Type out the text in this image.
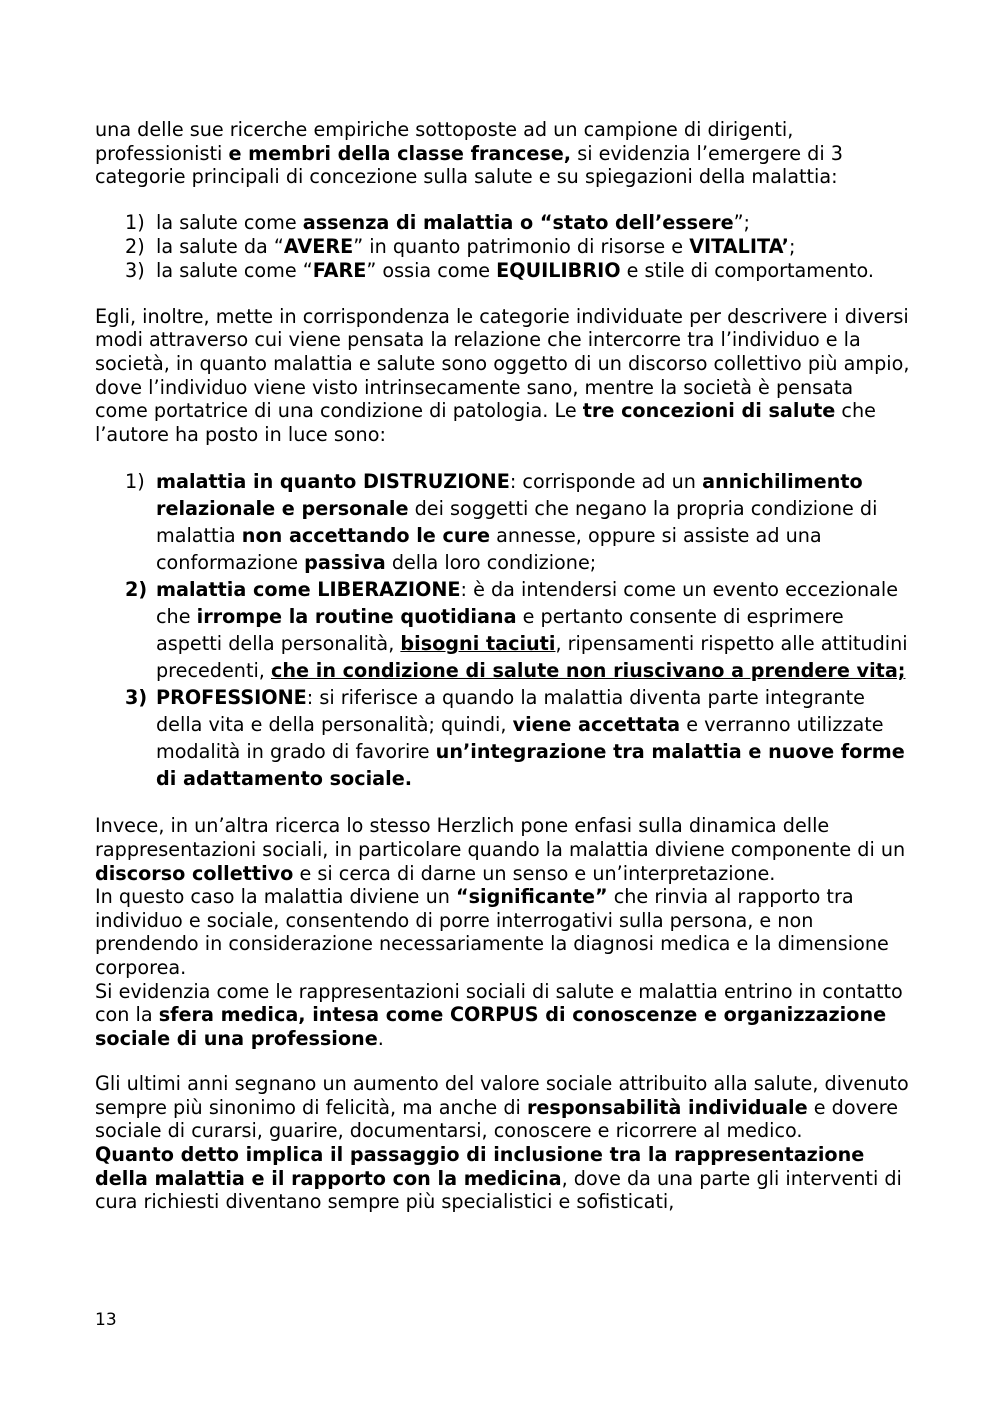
una delle sue ricerche empiriche sottoposte ad un campione di dirigenti, professionisti e membri della classe francese, si evidenzia l’emergere di 3 categorie principali di concezione sulla salute e su spiegazioni della malattia:

1) la salute come assenza di malattia o “stato dell’essere”;
2) la salute da “AVERE” in quanto patrimonio di risorse e VITALITA’;
3) la salute come “FARE” ossia come EQUILIBRIO e stile di comportamento.

Egli, inoltre, mette in corrispondenza le categorie individuate per descrivere i diversi modi attraverso cui viene pensata la relazione che intercorre tra l’individuo e la società, in quanto malattia e salute sono oggetto di un discorso collettivo più ampio, dove l’individuo viene visto intrinsecamente sano, mentre la società è pensata come portatrice di una condizione di patologia. Le tre concezioni di salute che l’autore ha posto in luce sono:

1) malattia in quanto DISTRUZIONE: corrisponde ad un annichilimento relazionale e personale dei soggetti che negano la propria condizione di malattia non accettando le cure annesse, oppure si assiste ad una conformazione passiva della loro condizione;
2) malattia come LIBERAZIONE: è da intendersi come un evento eccezionale che irrompe la routine quotidiana e pertanto consente di esprimere aspetti della personalità, bisogni taciuti, ripensamenti rispetto alle attitudini precedenti, che in condizione di salute non riuscivano a prendere vita;
3) PROFESSIONE: si riferisce a quando la malattia diventa parte integrante della vita e della personalità; quindi, viene accettata e verranno utilizzate modalità in grado di favorire un’integrazione tra malattia e nuove forme di adattamento sociale.

Invece, in un’altra ricerca lo stesso Herzlich pone enfasi sulla dinamica delle rappresentazioni sociali, in particolare quando la malattia diviene componente di un discorso collettivo e si cerca di darne un senso e un’interpretazione.

In questo caso la malattia diviene un “significante” che rinvia al rapporto tra individuo e sociale, consentendo di porre interrogativi sulla persona, e non prendendo in considerazione necessariamente la diagnosi medica e la dimensione corporea.

Si evidenzia come le rappresentazioni sociali di salute e malattia entrino in contatto con la sfera medica, intesa come CORPUS di conoscenze e organizzazione sociale di una professione.

Gli ultimi anni segnano un aumento del valore sociale attribuito alla salute, divenuto sempre più sinonimo di felicità, ma anche di responsabilità individuale e dovere sociale di curarsi, guarire, documentarsi, conoscere e ricorrere al medico.

Quanto detto implica il passaggio di inclusione tra la rappresentazione della malattia e il rapporto con la medicina, dove da una parte gli interventi di cura richiesti diventano sempre più specialistici e sofisticati,

13
